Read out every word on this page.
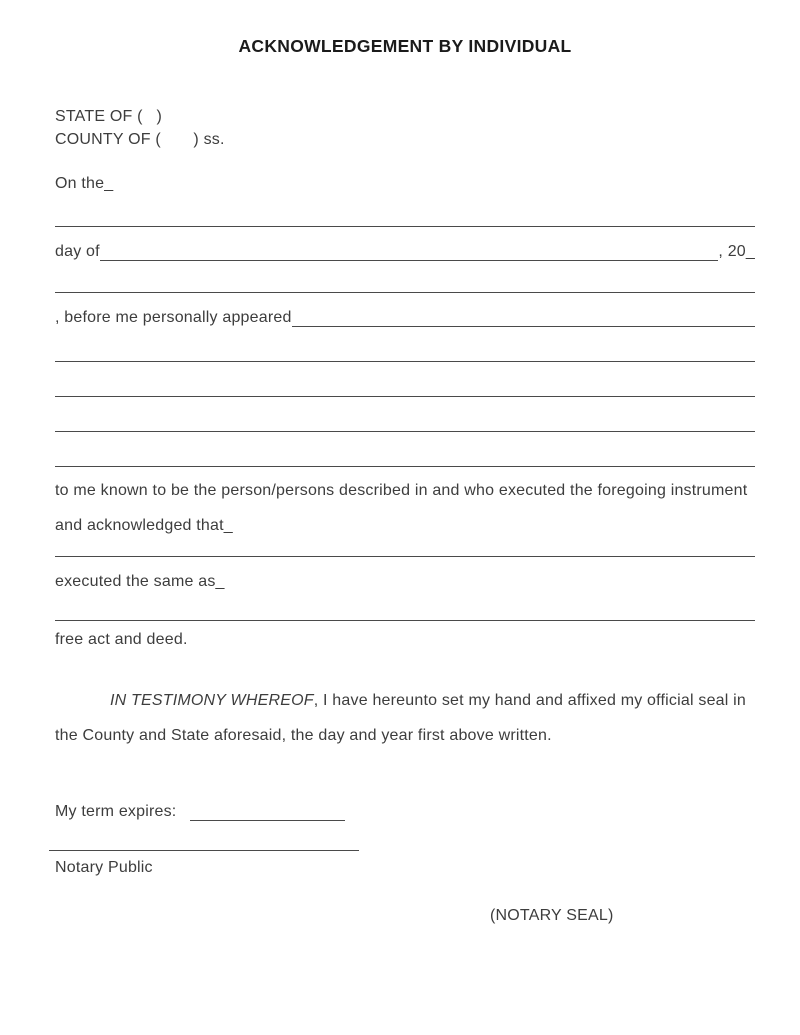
ACKNOWLEDGEMENT BY INDIVIDUAL
STATE OF (   )
COUNTY OF (       ) ss.
On the_
day of	, 20_
, before me personally appeared

to me known to be the person/persons described in and who executed the foregoing instrument and acknowledged that_

executed the same as_
free act and deed.

IN TESTIMONY WHEREOF, I have hereunto set my hand and affixed my official seal in the County and State aforesaid, the day and year first above written.

My term expires:
Notary Public
(NOTARY SEAL)
